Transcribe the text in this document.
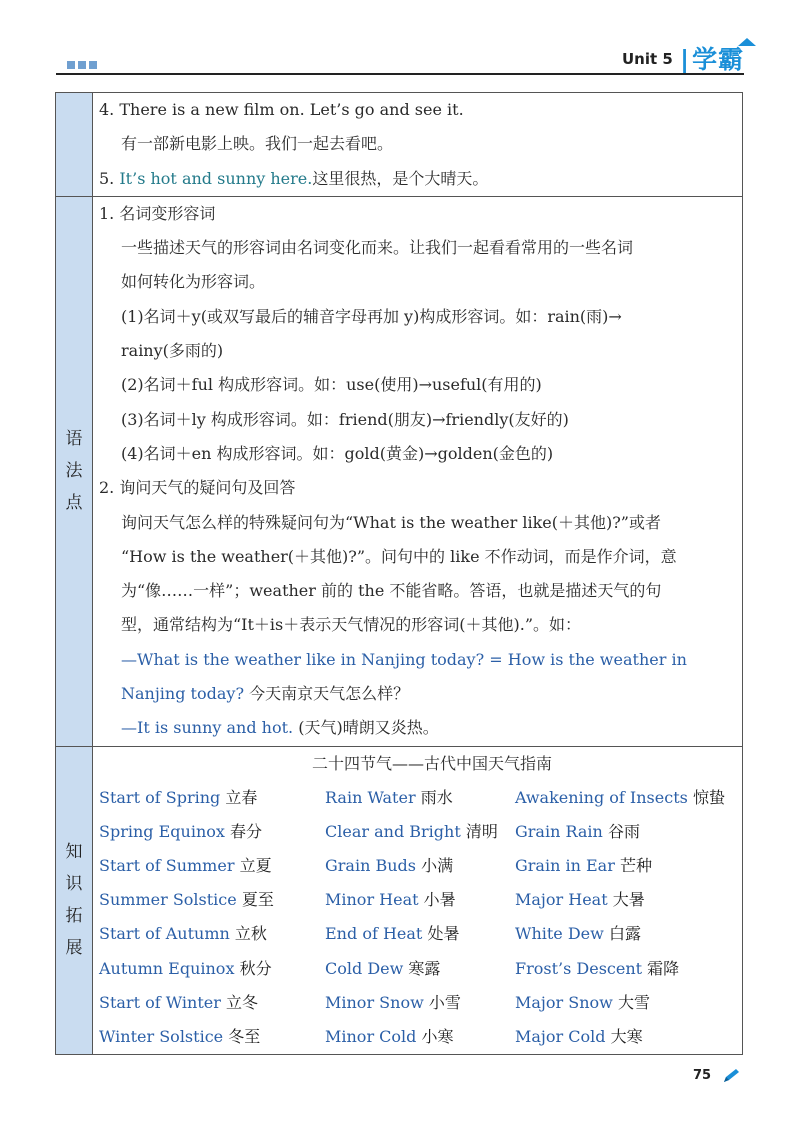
Unit 5 |学霸
4. There is a new film on. Let’s go and see it.
有一部新电影上映。我们一起去看吧。
5. It’s hot and sunny here.这里很热，是个大晴天。
语
法
点
1. 名词变形容词
一些描述天气的形容词由名词变化而来。让我们一起看看常用的一些名词
如何转化为形容词。
(1)名词＋y(或双写最后的辅音字母再加 y)构成形容词。如：rain(雨)→
rainy(多雨的)
(2)名词＋ful 构成形容词。如：use(使用)→useful(有用的)
(3)名词＋ly 构成形容词。如：friend(朋友)→friendly(友好的)
(4)名词＋en 构成形容词。如：gold(黄金)→golden(金色的)
2. 询问天气的疑问句及回答
询问天气怎么样的特殊疑问句为“What is the weather like(＋其他)?”或者
“How is the weather(＋其他)?”。问句中的 like 不作动词，而是作介词，意
为“像……一样”；weather 前的 the 不能省略。答语，也就是描述天气的句
型，通常结构为“It＋is＋表示天气情况的形容词(＋其他).”。如：
—What is the weather like in Nanjing today? = How is the weather in
Nanjing today? 今天南京天气怎么样？
—It is sunny and hot. (天气)晴朗又炎热。
知
识
拓
展
二十四节气——古代中国天气指南
Start of Spring 立春	Rain Water 雨水	Awakening of Insects 惊蛰
Spring Equinox 春分	Clear and Bright 清明	Grain Rain 谷雨
Start of Summer 立夏	Grain Buds 小满	Grain in Ear 芒种
Summer Solstice 夏至	Minor Heat 小暑	Major Heat 大暑
Start of Autumn 立秋	End of Heat 处暑	White Dew 白露
Autumn Equinox 秋分	Cold Dew 寒露	Frost’s Descent 霜降
Start of Winter 立冬	Minor Snow 小雪	Major Snow 大雪
Winter Solstice 冬至	Minor Cold 小寒	Major Cold 大寒
75
